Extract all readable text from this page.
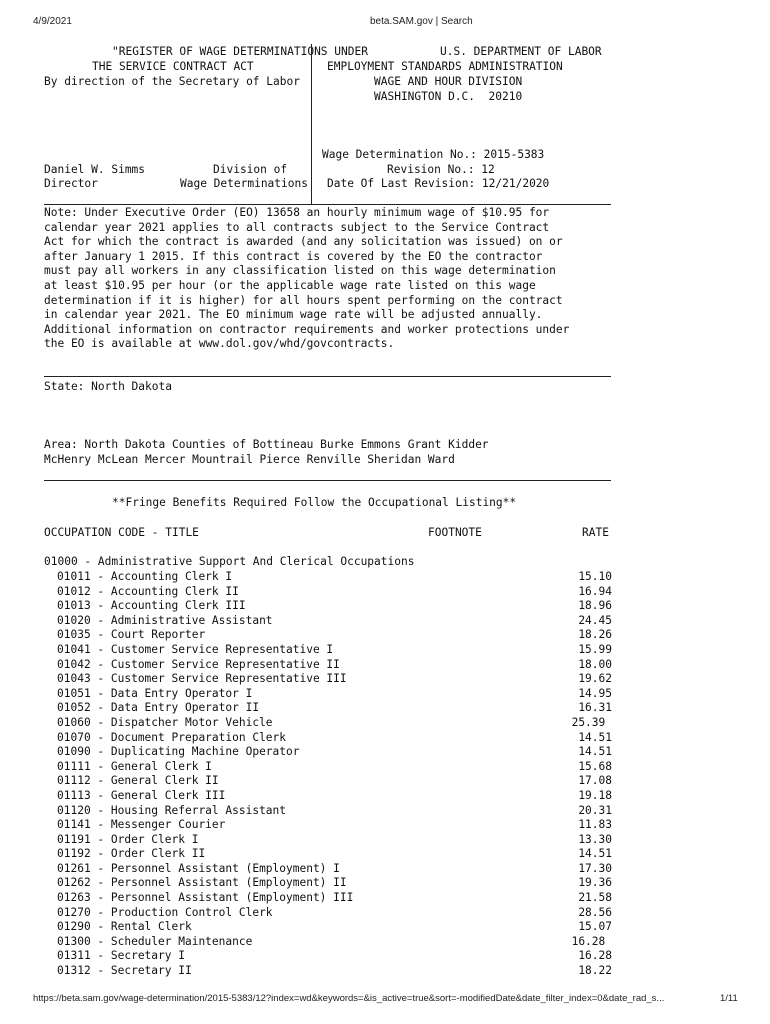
4/9/2021	beta.SAM.gov | Search
"REGISTER OF WAGE DETERMINATIONS UNDER
THE SERVICE CONTRACT ACT
By direction of the Secretary of Labor
U.S. DEPARTMENT OF LABOR
EMPLOYMENT STANDARDS ADMINISTRATION
WAGE AND HOUR DIVISION
WASHINGTON D.C.  20210
Wage Determination No.: 2015-5383
Revision No.: 12
Date Of Last Revision: 12/21/2020
Daniel W. Simms
Director
Division of
Wage Determinations
Note: Under Executive Order (EO) 13658 an hourly minimum wage of $10.95 for
calendar year 2021 applies to all contracts subject to the Service Contract
Act for which the contract is awarded (and any solicitation was issued) on or
after January 1 2015. If this contract is covered by the EO the contractor
must pay all workers in any classification listed on this wage determination
at least $10.95 per hour (or the applicable wage rate listed on this wage
determination if it is higher) for all hours spent performing on the contract
in calendar year 2021. The EO minimum wage rate will be adjusted annually.
Additional information on contractor requirements and worker protections under
the EO is available at www.dol.gov/whd/govcontracts.
State: North Dakota
Area: North Dakota Counties of Bottineau Burke Emmons Grant Kidder
McHenry McLean Mercer Mountrail Pierce Renville Sheridan Ward
**Fringe Benefits Required Follow the Occupational Listing**
OCCUPATION CODE - TITLE	FOOTNOTE	RATE
01000 - Administrative Support And Clerical Occupations
01011 - Accounting Clerk I	15.10
01012 - Accounting Clerk II	16.94
01013 - Accounting Clerk III	18.96
01020 - Administrative Assistant	24.45
01035 - Court Reporter	18.26
01041 - Customer Service Representative I	15.99
01042 - Customer Service Representative II	18.00
01043 - Customer Service Representative III	19.62
01051 - Data Entry Operator I	14.95
01052 - Data Entry Operator II	16.31
01060 - Dispatcher Motor Vehicle	25.39
01070 - Document Preparation Clerk	14.51
01090 - Duplicating Machine Operator	14.51
01111 - General Clerk I	15.68
01112 - General Clerk II	17.08
01113 - General Clerk III	19.18
01120 - Housing Referral Assistant	20.31
01141 - Messenger Courier	11.83
01191 - Order Clerk I	13.30
01192 - Order Clerk II	14.51
01261 - Personnel Assistant (Employment) I	17.30
01262 - Personnel Assistant (Employment) II	19.36
01263 - Personnel Assistant (Employment) III	21.58
01270 - Production Control Clerk	28.56
01290 - Rental Clerk	15.07
01300 - Scheduler Maintenance	16.28
01311 - Secretary I	16.28
01312 - Secretary II	18.22
https://beta.sam.gov/wage-determination/2015-5383/12?index=wd&keywords=&is_active=true&sort=-modifiedDate&date_filter_index=0&date_rad_s...	1/11
